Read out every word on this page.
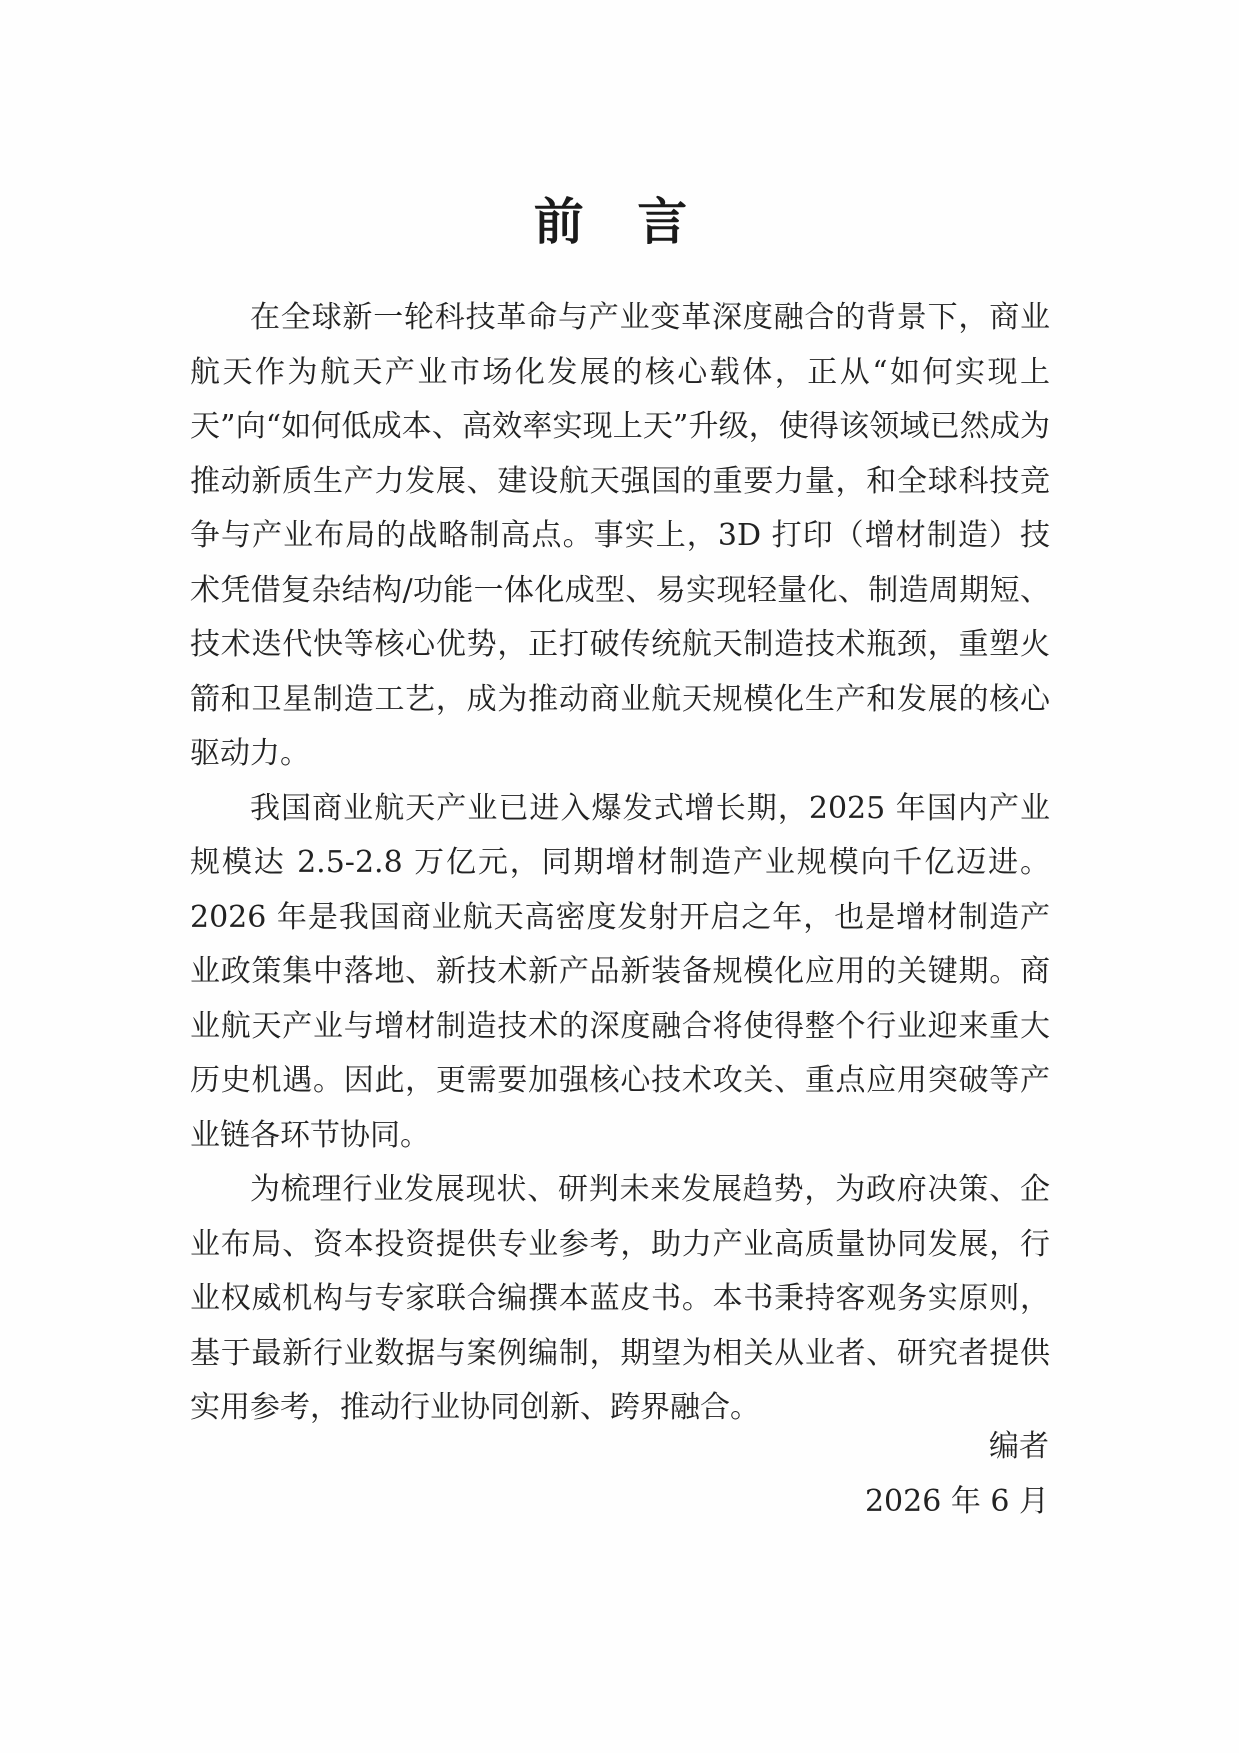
前 言

在全球新一轮科技革命与产业变革深度融合的背景下，商业航天作为航天产业市场化发展的核心载体，正从“如何实现上天”向“如何低成本、高效率实现上天”升级，使得该领域已然成为推动新质生产力发展、建设航天强国的重要力量，和全球科技竞争与产业布局的战略制高点。事实上，3D 打印（增材制造）技术凭借复杂结构/功能一体化成型、易实现轻量化、制造周期短、技术迭代快等核心优势，正打破传统航天制造技术瓶颈，重塑火箭和卫星制造工艺，成为推动商业航天规模化生产和发展的核心驱动力。

我国商业航天产业已进入爆发式增长期，2025 年国内产业规模达 2.5-2.8 万亿元，同期增材制造产业规模向千亿迈进。2026 年是我国商业航天高密度发射开启之年，也是增材制造产业政策集中落地、新技术新产品新装备规模化应用的关键期。商业航天产业与增材制造技术的深度融合将使得整个行业迎来重大历史机遇。因此，更需要加强核心技术攻关、重点应用突破等产业链各环节协同。

为梳理行业发展现状、研判未来发展趋势，为政府决策、企业布局、资本投资提供专业参考，助力产业高质量协同发展，行业权威机构与专家联合编撰本蓝皮书。本书秉持客观务实原则，基于最新行业数据与案例编制，期望为相关从业者、研究者提供实用参考，推动行业协同创新、跨界融合。

编者
2026 年 6 月
